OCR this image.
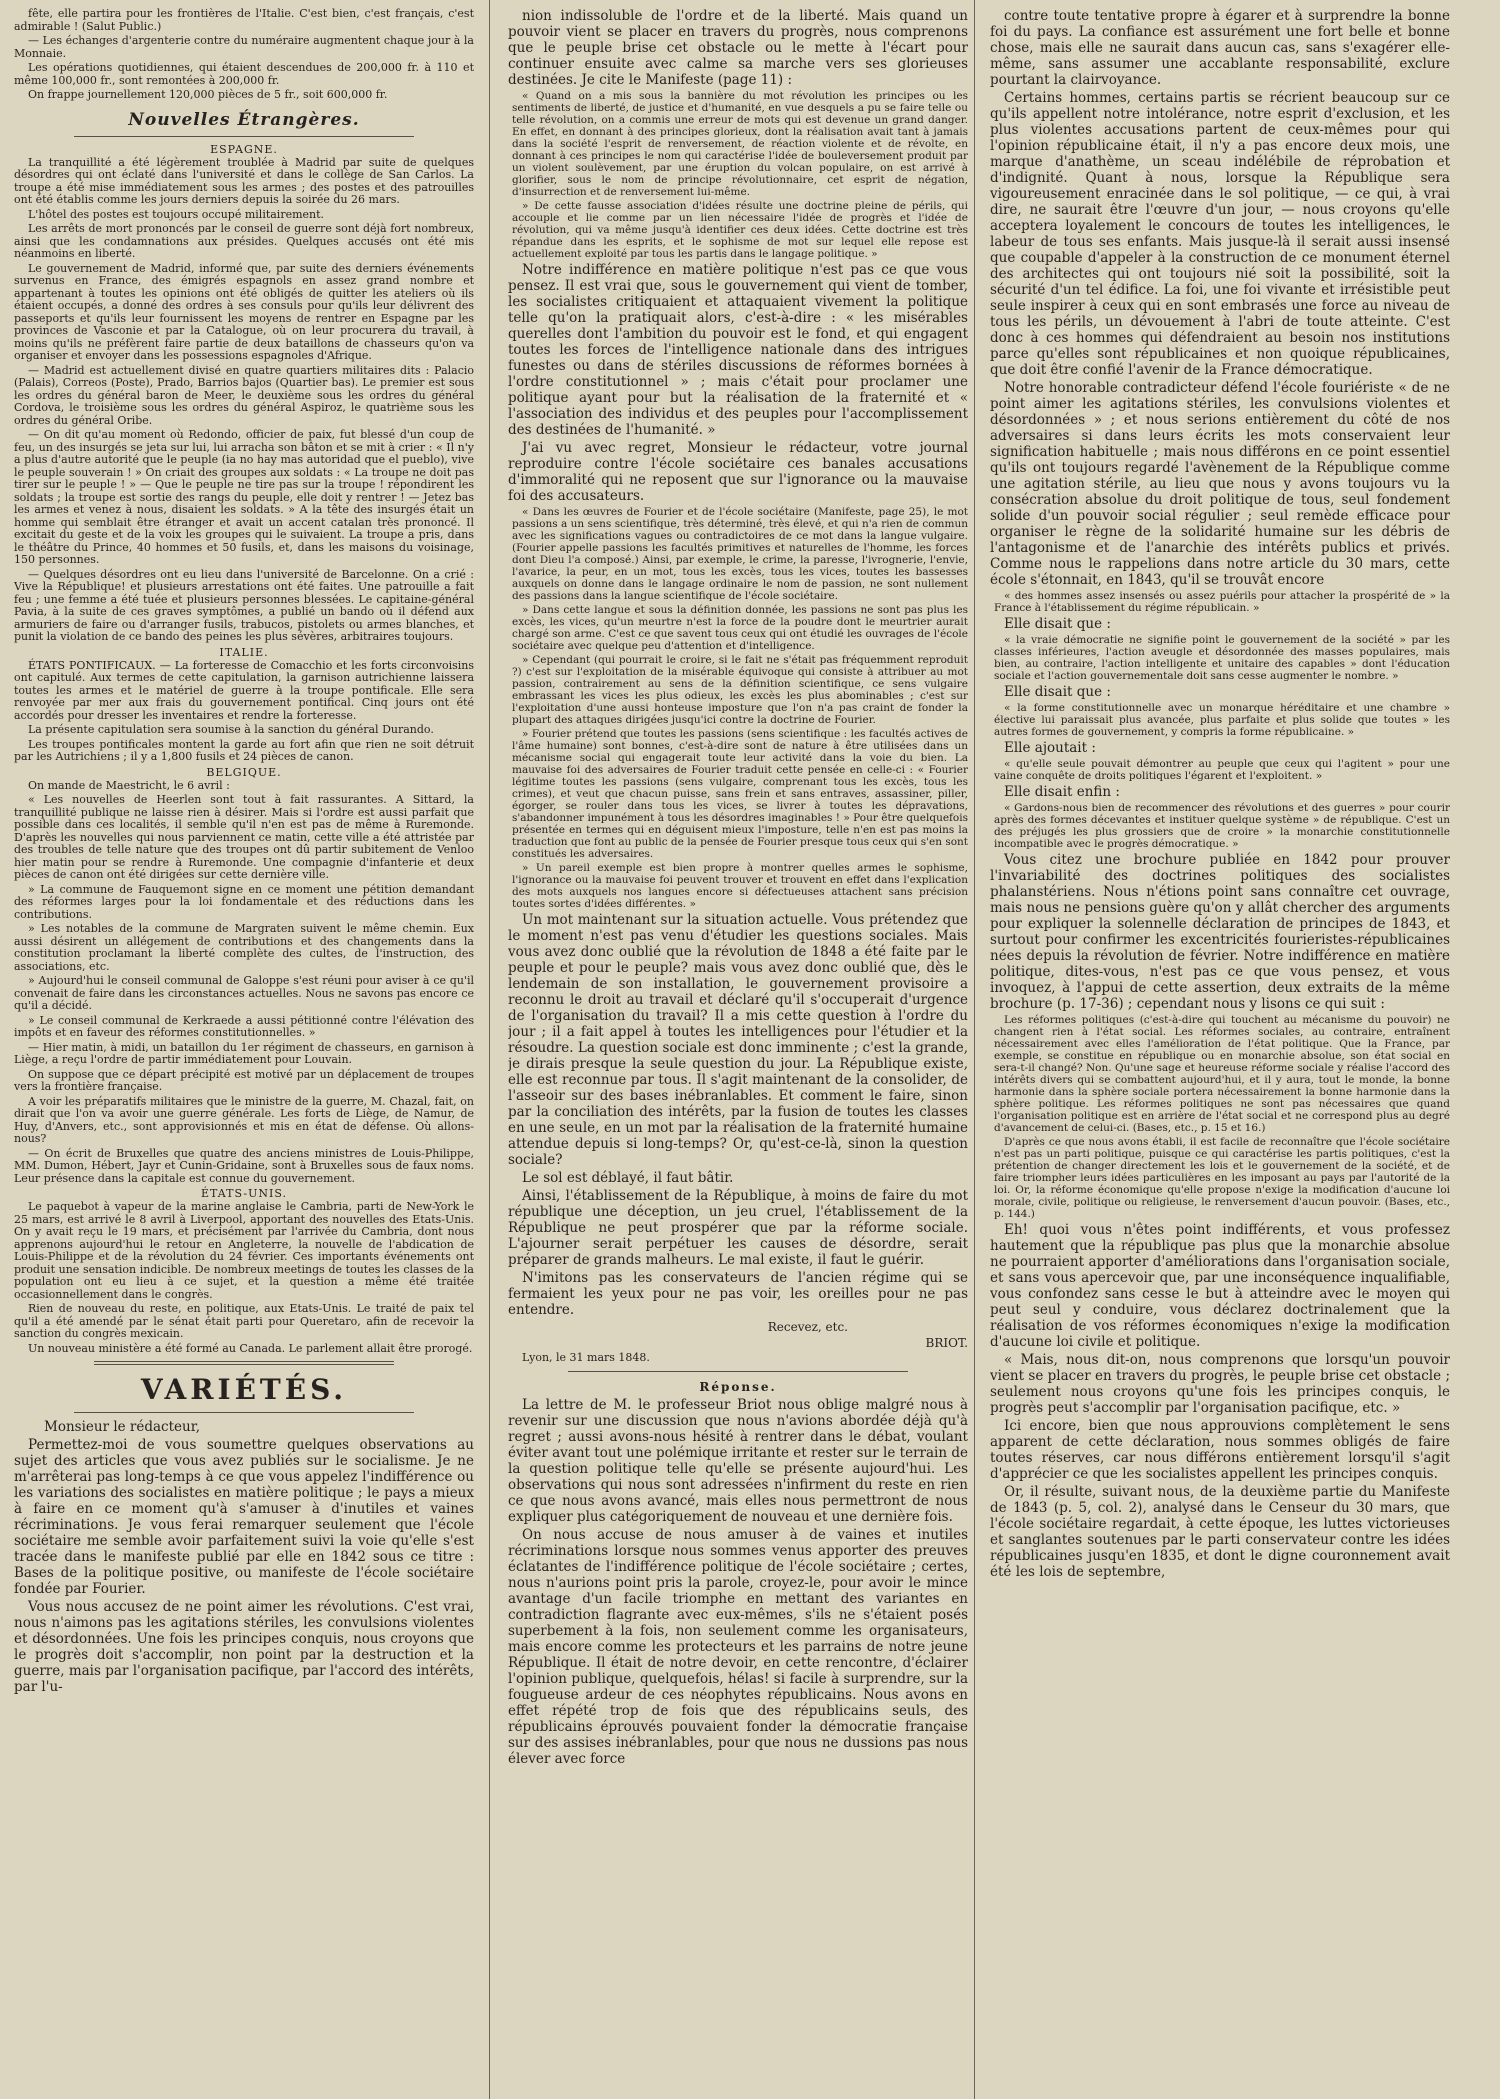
fête, elle partira pour les frontières de l'Italie. C'est bien, c'est français, c'est admirable ! (Salut Public.)

— Les échanges d'argenterie contre du numéraire augmentent chaque jour à la Monnaie.

Les opérations quotidiennes, qui étaient descendues de 200,000 fr. à 110 et même 100,000 fr., sont remontées à 200,000 fr.

On frappe journellement 120,000 pièces de 5 fr., soit 600,000 fr.

Nouvelles Étrangères.
ESPAGNE.

La tranquillité a été légèrement troublée à Madrid par suite de quelques désordres qui ont éclaté dans l'université et dans le collège de San Carlos. La troupe a été mise immédiatement sous les armes ; des postes et des patrouilles ont été établis comme les jours derniers depuis la soirée du 26 mars.

L'hôtel des postes est toujours occupé militairement.

Les arrêts de mort prononcés par le conseil de guerre sont déjà fort nombreux, ainsi que les condamnations aux présides. Quelques accusés ont été mis néanmoins en liberté.

Le gouvernement de Madrid, informé que, par suite des derniers événements survenus en France, des émigrés espagnols en assez grand nombre et appartenant à toutes les opinions ont été obligés de quitter les ateliers où ils étaient occupés, a donné des ordres à ses consuls pour qu'ils leur délivrent des passeports et qu'ils leur fournissent les moyens de rentrer en Espagne par les provinces de Vasconie et par la Catalogue, où on leur procurera du travail, à moins qu'ils ne préfèrent faire partie de deux bataillons de chasseurs qu'on va organiser et envoyer dans les possessions espagnoles d'Afrique.

— Madrid est actuellement divisé en quatre quartiers militaires dits : Palacio (Palais), Correos (Poste), Prado, Barrios bajos (Quartier bas). Le premier est sous les ordres du général baron de Meer, le deuxième sous les ordres du général Cordova, le troisième sous les ordres du général Aspiroz, le quatrième sous les ordres du général Oribe.

— On dit qu'au moment où Redondo, officier de paix, fut blessé d'un coup de feu, un des insurgés se jeta sur lui, lui arracha son bâton et se mit à crier : « Il n'y a plus d'autre autorité que le peuple (ia no hay mas autoridad que el pueblo), vive le peuple souverain ! » On criait des groupes aux soldats : « La troupe ne doit pas tirer sur le peuple ! » — Que le peuple ne tire pas sur la troupe ! répondirent les soldats ; la troupe est sortie des rangs du peuple, elle doit y rentrer ! — Jetez bas les armes et venez à nous, disaient les soldats. » A la tête des insurgés était un homme qui semblait être étranger et avait un accent catalan très prononcé. Il excitait du geste et de la voix les groupes qui le suivaient. La troupe a pris, dans le théâtre du Prince, 40 hommes et 50 fusils, et, dans les maisons du voisinage, 150 personnes.

— Quelques désordres ont eu lieu dans l'université de Barcelonne. On a crié : Vive la République! et plusieurs arrestations ont été faites. Une patrouille a fait feu ; une femme a été tuée et plusieurs personnes blessées. Le capitaine-général Pavia, à la suite de ces graves symptômes, a publié un bando où il défend aux armuriers de faire ou d'arranger fusils, trabucos, pistolets ou armes blanches, et punit la violation de ce bando des peines les plus sévères, arbitraires toujours.

ITALIE.

ÉTATS PONTIFICAUX. — La forteresse de Comacchio et les forts circonvoisins ont capitulé. Aux termes de cette capitulation, la garnison autrichienne laissera toutes les armes et le matériel de guerre à la troupe pontificale. Elle sera renvoyée par mer aux frais du gouvernement pontifical. Cinq jours ont été accordés pour dresser les inventaires et rendre la forteresse.

La présente capitulation sera soumise à la sanction du général Durando.

Les troupes pontificales montent la garde au fort afin que rien ne soit détruit par les Autrichiens ; il y a 1,800 fusils et 24 pièces de canon.

BELGIQUE.

On mande de Maestricht, le 6 avril :

« Les nouvelles de Heerlen sont tout à fait rassurantes. A Sittard, la tranquillité publique ne laisse rien à désirer. Mais si l'ordre est aussi parfait que possible dans ces localités, il semble qu'il n'en est pas de même à Ruremonde. D'après les nouvelles qui nous parviennent ce matin, cette ville a été attristée par des troubles de telle nature que des troupes ont dû partir subitement de Venloo hier matin pour se rendre à Ruremonde. Une compagnie d'infanterie et deux pièces de canon ont été dirigées sur cette dernière ville.

» La commune de Fauquemont signe en ce moment une pétition demandant des réformes larges pour la loi fondamentale et des réductions dans les contributions.

» Les notables de la commune de Margraten suivent le même chemin. Eux aussi désirent un allégement de contributions et des changements dans la constitution proclamant la liberté complète des cultes, de l'instruction, des associations, etc.

» Aujourd'hui le conseil communal de Galoppe s'est réuni pour aviser à ce qu'il convenait de faire dans les circonstances actuelles. Nous ne savons pas encore ce qu'il a décidé.

» Le conseil communal de Kerkraede a aussi pétitionné contre l'élévation des impôts et en faveur des réformes constitutionnelles. »

— Hier matin, à midi, un bataillon du 1er régiment de chasseurs, en garnison à Liège, a reçu l'ordre de partir immédiatement pour Louvain.

On suppose que ce départ précipité est motivé par un déplacement de troupes vers la frontière française.

A voir les préparatifs militaires que le ministre de la guerre, M. Chazal, fait, on dirait que l'on va avoir une guerre générale. Les forts de Liège, de Namur, de Huy, d'Anvers, etc., sont approvisionnés et mis en état de défense. Où allons-nous?

— On écrit de Bruxelles que quatre des anciens ministres de Louis-Philippe, MM. Dumon, Hébert, Jayr et Cunin-Gridaine, sont à Bruxelles sous de faux noms. Leur présence dans la capitale est connue du gouvernement.

ÉTATS-UNIS.

Le paquebot à vapeur de la marine anglaise le Cambria, parti de New-York le 25 mars, est arrivé le 8 avril à Liverpool, apportant des nouvelles des Etats-Unis. On y avait reçu le 19 mars, et précisément par l'arrivée du Cambria, dont nous apprenons aujourd'hui le retour en Angleterre, la nouvelle de l'abdication de Louis-Philippe et de la révolution du 24 février. Ces importants événements ont produit une sensation indicible. De nombreux meetings de toutes les classes de la population ont eu lieu à ce sujet, et la question a même été traitée occasionnellement dans le congrès.

Rien de nouveau du reste, en politique, aux Etats-Unis. Le traité de paix tel qu'il a été amendé par le sénat était parti pour Queretaro, afin de recevoir la sanction du congrès mexicain.

Un nouveau ministère a été formé au Canada. Le parlement allait être prorogé.

VARIÉTÉS.

Monsieur le rédacteur,

Permettez-moi de vous soumettre quelques observations au sujet des articles que vous avez publiés sur le socialisme. Je ne m'arrêterai pas long-temps à ce que vous appelez l'indifférence ou les variations des socialistes en matière politique ; le pays a mieux à faire en ce moment qu'à s'amuser à d'inutiles et vaines récriminations. Je vous ferai remarquer seulement que l'école sociétaire me semble avoir parfaitement suivi la voie qu'elle s'est tracée dans le manifeste publié par elle en 1842 sous ce titre : Bases de la politique positive, ou manifeste de l'école sociétaire fondée par Fourier.

Vous nous accusez de ne point aimer les révolutions. C'est vrai, nous n'aimons pas les agitations stériles, les convulsions violentes et désordonnées. Une fois les principes conquis, nous croyons que le progrès doit s'accomplir, non point par la destruction et la guerre, mais par l'organisation pacifique, par l'accord des intérêts, par l'u-

nion indissoluble de l'ordre et de la liberté. Mais quand un pouvoir vient se placer en travers du progrès, nous comprenons que le peuple brise cet obstacle ou le mette à l'écart pour continuer ensuite avec calme sa marche vers ses glorieuses destinées. Je cite le Manifeste (page 11) :

« Quand on a mis sous la bannière du mot révolution les principes ou les sentiments de liberté, de justice et d'humanité, en vue desquels a pu se faire telle ou telle révolution, on a commis une erreur de mots qui est devenue un grand danger. En effet, en donnant à des principes glorieux, dont la réalisation avait tant à jamais dans la société l'esprit de renversement, de réaction violente et de révolte, en donnant à ces principes le nom qui caractérise l'idée de bouleversement produit par un violent soulèvement, par une éruption du volcan populaire, on est arrivé à glorifier, sous le nom de principe révolutionnaire, cet esprit de négation, d'insurrection et de renversement lui-même.

» De cette fausse association d'idées résulte une doctrine pleine de périls, qui accouple et lie comme par un lien nécessaire l'idée de progrès et l'idée de révolution, qui va même jusqu'à identifier ces deux idées. Cette doctrine est très répandue dans les esprits, et le sophisme de mot sur lequel elle repose est actuellement exploité par tous les partis dans le langage politique. »

Notre indifférence en matière politique n'est pas ce que vous pensez. Il est vrai que, sous le gouvernement qui vient de tomber, les socialistes critiquaient et attaquaient vivement la politique telle qu'on la pratiquait alors, c'est-à-dire : « les misérables querelles dont l'ambition du pouvoir est le fond, et qui engagent toutes les forces de l'intelligence nationale dans des intrigues funestes ou dans de stériles discussions de réformes bornées à l'ordre constitutionnel » ; mais c'était pour proclamer une politique ayant pour but la réalisation de la fraternité et « l'association des individus et des peuples pour l'accomplissement des destinées de l'humanité. »

J'ai vu avec regret, Monsieur le rédacteur, votre journal reproduire contre l'école sociétaire ces banales accusations d'immoralité qui ne reposent que sur l'ignorance ou la mauvaise foi des accusateurs.

« Dans les œuvres de Fourier et de l'école sociétaire (Manifeste, page 25), le mot passions a un sens scientifique, très déterminé, très élevé, et qui n'a rien de commun avec les significations vagues ou contradictoires de ce mot dans la langue vulgaire. (Fourier appelle passions les facultés primitives et naturelles de l'homme, les forces dont Dieu l'a composé.) Ainsi, par exemple, le crime, la paresse, l'ivrognerie, l'envie, l'avarice, la peur, en un mot, tous les excès, tous les vices, toutes les bassesses auxquels on donne dans le langage ordinaire le nom de passion, ne sont nullement des passions dans la langue scientifique de l'école sociétaire.

» Dans cette langue et sous la définition donnée, les passions ne sont pas plus les excès, les vices, qu'un meurtre n'est la force de la poudre dont le meurtrier aurait chargé son arme. C'est ce que savent tous ceux qui ont étudié les ouvrages de l'école sociétaire avec quelque peu d'attention et d'intelligence.

» Cependant (qui pourrait le croire, si le fait ne s'était pas fréquemment reproduit ?) c'est sur l'exploitation de la misérable équivoque qui consiste à attribuer au mot passion, contrairement au sens de la définition scientifique, ce sens vulgaire embrassant les vices les plus odieux, les excès les plus abominables ; c'est sur l'exploitation d'une aussi honteuse imposture que l'on n'a pas craint de fonder la plupart des attaques dirigées jusqu'ici contre la doctrine de Fourier.

» Fourier prétend que toutes les passions (sens scientifique : les facultés actives de l'âme humaine) sont bonnes, c'est-à-dire sont de nature à être utilisées dans un mécanisme social qui engagerait toute leur activité dans la voie du bien. La mauvaise foi des adversaires de Fourier traduit cette pensée en celle-ci : « Fourier légitime toutes les passions (sens vulgaire, comprenant tous les excès, tous les crimes), et veut que chacun puisse, sans frein et sans entraves, assassiner, piller, égorger, se rouler dans tous les vices, se livrer à toutes les dépravations, s'abandonner impunément à tous les désordres imaginables ! » Pour être quelquefois présentée en termes qui en déguisent mieux l'imposture, telle n'en est pas moins la traduction que font au public de la pensée de Fourier presque tous ceux qui s'en sont constitués les adversaires.

» Un pareil exemple est bien propre à montrer quelles armes le sophisme, l'ignorance ou la mauvaise foi peuvent trouver et trouvent en effet dans l'explication des mots auxquels nos langues encore si défectueuses attachent sans précision toutes sortes d'idées différentes. »

Un mot maintenant sur la situation actuelle. Vous prétendez que le moment n'est pas venu d'étudier les questions sociales. Mais vous avez donc oublié que la révolution de 1848 a été faite par le peuple et pour le peuple? mais vous avez donc oublié que, dès le lendemain de son installation, le gouvernement provisoire a reconnu le droit au travail et déclaré qu'il s'occuperait d'urgence de l'organisation du travail? Il a mis cette question à l'ordre du jour ; il a fait appel à toutes les intelligences pour l'étudier et la résoudre. La question sociale est donc imminente ; c'est la grande, je dirais presque la seule question du jour. La République existe, elle est reconnue par tous. Il s'agit maintenant de la consolider, de l'asseoir sur des bases inébranlables. Et comment le faire, sinon par la conciliation des intérêts, par la fusion de toutes les classes en une seule, en un mot par la réalisation de la fraternité humaine attendue depuis si long-temps? Or, qu'est-ce-là, sinon la question sociale?

Le sol est déblayé, il faut bâtir.

Ainsi, l'établissement de la République, à moins de faire du mot république une déception, un jeu cruel, l'établissement de la République ne peut prospérer que par la réforme sociale. L'ajourner serait perpétuer les causes de désordre, serait préparer de grands malheurs. Le mal existe, il faut le guérir.

N'imitons pas les conservateurs de l'ancien régime qui se fermaient les yeux pour ne pas voir, les oreilles pour ne pas entendre.

Recevez, etc.

BRIOT.

Lyon, le 31 mars 1848.

Réponse.

La lettre de M. le professeur Briot nous oblige malgré nous à revenir sur une discussion que nous n'avions abordée déjà qu'à regret ; aussi avons-nous hésité à rentrer dans le débat, voulant éviter avant tout une polémique irritante et rester sur le terrain de la question politique telle qu'elle se présente aujourd'hui. Les observations qui nous sont adressées n'infirment du reste en rien ce que nous avons avancé, mais elles nous permettront de nous expliquer plus catégoriquement de nouveau et une dernière fois.

On nous accuse de nous amuser à de vaines et inutiles récriminations lorsque nous sommes venus apporter des preuves éclatantes de l'indifférence politique de l'école sociétaire ; certes, nous n'aurions point pris la parole, croyez-le, pour avoir le mince avantage d'un facile triomphe en mettant des variantes en contradiction flagrante avec eux-mêmes, s'ils ne s'étaient posés superbement à la fois, non seulement comme les organisateurs, mais encore comme les protecteurs et les parrains de notre jeune République. Il était de notre devoir, en cette rencontre, d'éclairer l'opinion publique, quelquefois, hélas! si facile à surprendre, sur la fougueuse ardeur de ces néophytes républicains. Nous avons en effet répété trop de fois que des républicains seuls, des républicains éprouvés pouvaient fonder la démocratie française sur des assises inébranlables, pour que nous ne dussions pas nous élever avec force

contre toute tentative propre à égarer et à surprendre la bonne foi du pays. La confiance est assurément une fort belle et bonne chose, mais elle ne saurait dans aucun cas, sans s'exagérer elle-même, sans assumer une accablante responsabilité, exclure pourtant la clairvoyance.

Certains hommes, certains partis se récrient beaucoup sur ce qu'ils appellent notre intolérance, notre esprit d'exclusion, et les plus violentes accusations partent de ceux-mêmes pour qui l'opinion républicaine était, il n'y a pas encore deux mois, une marque d'anathème, un sceau indélébile de réprobation et d'indignité. Quant à nous, lorsque la République sera vigoureusement enracinée dans le sol politique, — ce qui, à vrai dire, ne saurait être l'œuvre d'un jour, — nous croyons qu'elle acceptera loyalement le concours de toutes les intelligences, le labeur de tous ses enfants. Mais jusque-là il serait aussi insensé que coupable d'appeler à la construction de ce monument éternel des architectes qui ont toujours nié soit la possibilité, soit la sécurité d'un tel édifice. La foi, une foi vivante et irrésistible peut seule inspirer à ceux qui en sont embrasés une force au niveau de tous les périls, un dévouement à l'abri de toute atteinte. C'est donc à ces hommes qui défendraient au besoin nos institutions parce qu'elles sont républicaines et non quoique républicaines, que doit être confié l'avenir de la France démocratique.

Notre honorable contradicteur défend l'école fouriériste « de ne point aimer les agitations stériles, les convulsions violentes et désordonnées » ; et nous serions entièrement du côté de nos adversaires si dans leurs écrits les mots conservaient leur signification habituelle ; mais nous différons en ce point essentiel qu'ils ont toujours regardé l'avènement de la République comme une agitation stérile, au lieu que nous y avons toujours vu la consécration absolue du droit politique de tous, seul fondement solide d'un pouvoir social régulier ; seul remède efficace pour organiser le règne de la solidarité humaine sur les débris de l'antagonisme et de l'anarchie des intérêts publics et privés. Comme nous le rappelions dans notre article du 30 mars, cette école s'étonnait, en 1843, qu'il se trouvât encore

« des hommes assez insensés ou assez puérils pour attacher la prospérité de » la France à l'établissement du régime républicain. »

Elle disait que :

« la vraie démocratie ne signifie point le gouvernement de la société » par les classes inférieures, l'action aveugle et désordonnée des masses populaires, mais bien, au contraire, l'action intelligente et unitaire des capables » dont l'éducation sociale et l'action gouvernementale doit sans cesse augmenter le nombre. »

Elle disait que :

« la forme constitutionnelle avec un monarque héréditaire et une chambre » élective lui paraissait plus avancée, plus parfaite et plus solide que toutes » les autres formes de gouvernement, y compris la forme républicaine. »

Elle ajoutait :

« qu'elle seule pouvait démontrer au peuple que ceux qui l'agitent » pour une vaine conquête de droits politiques l'égarent et l'exploitent. »

Elle disait enfin :

« Gardons-nous bien de recommencer des révolutions et des guerres » pour courir après des formes décevantes et instituer quelque système » de république. C'est un des préjugés les plus grossiers que de croire » la monarchie constitutionnelle incompatible avec le progrès démocratique. »

Vous citez une brochure publiée en 1842 pour prouver l'invariabilité des doctrines politiques des socialistes phalanstériens. Nous n'étions point sans connaître cet ouvrage, mais nous ne pensions guère qu'on y allât chercher des arguments pour expliquer la solennelle déclaration de principes de 1843, et surtout pour confirmer les excentricités fourieristes-républicaines nées depuis la révolution de février. Notre indifférence en matière politique, dites-vous, n'est pas ce que vous pensez, et vous invoquez, à l'appui de cette assertion, deux extraits de la même brochure (p. 17-36) ; cependant nous y lisons ce qui suit :

Les réformes politiques (c'est-à-dire qui touchent au mécanisme du pouvoir) ne changent rien à l'état social. Les réformes sociales, au contraire, entraînent nécessairement avec elles l'amélioration de l'état politique. Que la France, par exemple, se constitue en république ou en monarchie absolue, son état social en sera-t-il changé? Non. Qu'une sage et heureuse réforme sociale y réalise l'accord des intérêts divers qui se combattent aujourd'hui, et il y aura, tout le monde, la bonne harmonie dans la sphère sociale portera nécessairement la bonne harmonie dans la sphère politique. Les réformes politiques ne sont pas nécessaires que quand l'organisation politique est en arrière de l'état social et ne correspond plus au degré d'avancement de celui-ci. (Bases, etc., p. 15 et 16.)

D'après ce que nous avons établi, il est facile de reconnaître que l'école sociétaire n'est pas un parti politique, puisque ce qui caractérise les partis politiques, c'est la prétention de changer directement les lois et le gouvernement de la société, et de faire triompher leurs idées particulières en les imposant au pays par l'autorité de la loi. Or, la réforme économique qu'elle propose n'exige la modification d'aucune loi morale, civile, politique ou religieuse, le renversement d'aucun pouvoir. (Bases, etc., p. 144.)

Eh! quoi vous n'êtes point indifférents, et vous professez hautement que la république pas plus que la monarchie absolue ne pourraient apporter d'améliorations dans l'organisation sociale, et sans vous apercevoir que, par une inconséquence inqualifiable, vous confondez sans cesse le but à atteindre avec le moyen qui peut seul y conduire, vous déclarez doctrinalement que la réalisation de vos réformes économiques n'exige la modification d'aucune loi civile et politique.

« Mais, nous dit-on, nous comprenons que lorsqu'un pouvoir vient se placer en travers du progrès, le peuple brise cet obstacle ; seulement nous croyons qu'une fois les principes conquis, le progrès peut s'accomplir par l'organisation pacifique, etc. »

Ici encore, bien que nous approuvions complètement le sens apparent de cette déclaration, nous sommes obligés de faire toutes réserves, car nous différons entièrement lorsqu'il s'agit d'apprécier ce que les socialistes appellent les principes conquis.

Or, il résulte, suivant nous, de la deuxième partie du Manifeste de 1843 (p. 5, col. 2), analysé dans le Censeur du 30 mars, que l'école sociétaire regardait, à cette époque, les luttes victorieuses et sanglantes soutenues par le parti conservateur contre les idées républicaines jusqu'en 1835, et dont le digne couronnement avait été les lois de septembre,
